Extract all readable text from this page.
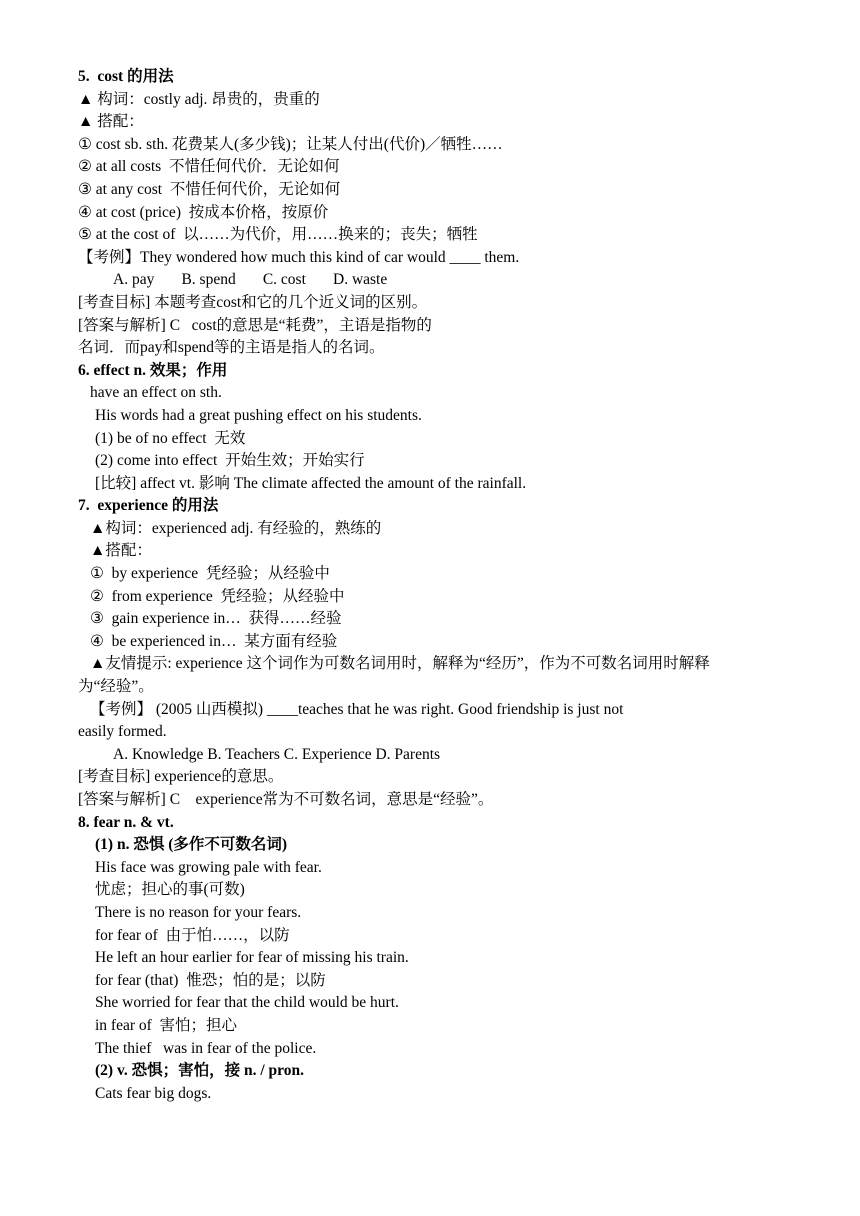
5.  cost 的用法
▲ 构词：costly adj. 昂贵的，贵重的
▲ 搭配：
① cost sb. sth. 花费某人(多少钱)；让某人付出(代价)／牺牲……
② at all costs  不惜任何代价．无论如何
③ at any cost  不惜任何代价，无论如何
④ at cost (price)  按成本价格，按原价
⑤ at the cost of  以……为代价，用……换来的；丧失；牺牲
【考例】They wondered how much this kind of car would ____ them.
A. pay       B. spend       C. cost       D. waste
[考查目标] 本题考查cost和它的几个近义词的区别。
[答案与解析] C   cost的意思是“耗费”，主语是指物的
名词．而pay和spend等的主语是指人的名词。
6. effect n. 效果；作用
have an effect on sth.
His words had a great pushing effect on his students.
(1) be of no effect  无效
(2) come into effect  开始生效；开始实行
[比较] affect vt. 影响 The climate affected the amount of the rainfall.
7.  experience 的用法
▲构词：experienced adj. 有经验的，熟练的
▲搭配：
①  by experience  凭经验；从经验中
②  from experience  凭经验；从经验中
③  gain experience in…  获得……经验
④  be experienced in…  某方面有经验
▲友情提示: experience 这个词作为可数名词用时，解释为“经历”，作为不可数名词用时解释
为“经验”。
【考例】 (2005 山西模拟) ____teaches that he was right. Good friendship is just not
easily formed.
A. Knowledge B. Teachers C. Experience D. Parents
[考查目标] experience的意思。
[答案与解析] C    experience常为不可数名词，意思是“经验”。
8. fear n. & vt.
(1) n. 恐惧 (多作不可数名词)
His face was growing pale with fear.
忧虑；担心的事(可数)
There is no reason for your fears.
for fear of  由于怕……，以防
He left an hour earlier for fear of missing his train.
for fear (that)  惟恐；怕的是；以防
She worried for fear that the child would be hurt.
in fear of  害怕；担心
The thief   was in fear of the police.
(2) v. 恐惧；害怕，接 n. / pron.
Cats fear big dogs.
